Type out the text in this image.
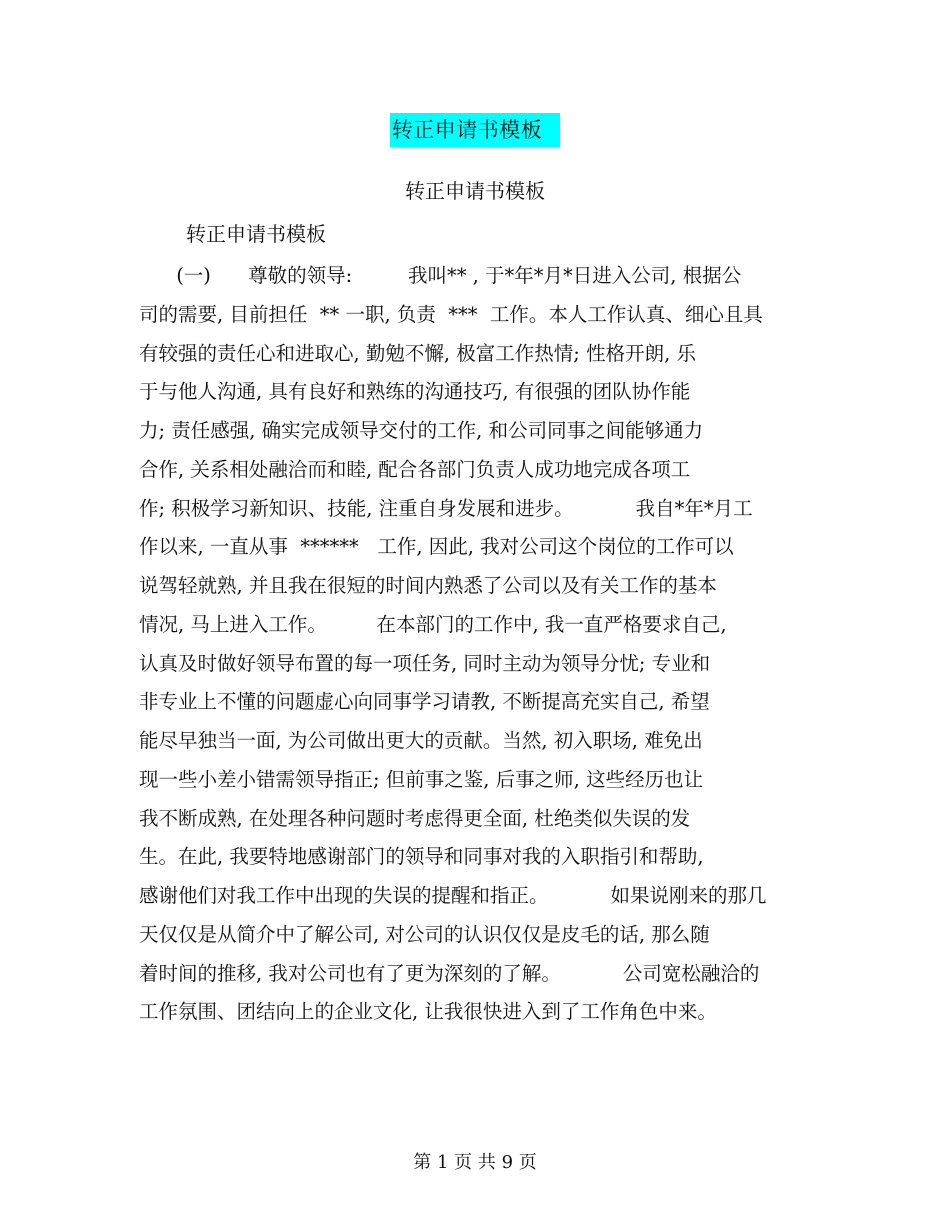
转正申请书模板
转正申请书模板
转正申请书模板
(一)      尊敬的领导:         我叫** , 于*年*月*日进入公司, 根据公
司的需要, 目前担任  ** 一职, 负责  ***  工作。本人工作认真、细心且具
有较强的责任心和进取心, 勤勉不懈, 极富工作热情; 性格开朗, 乐
于与他人沟通, 具有良好和熟练的沟通技巧, 有很强的团队协作能
力; 责任感强, 确实完成领导交付的工作, 和公司同事之间能够通力
合作, 关系相处融洽而和睦, 配合各部门负责人成功地完成各项工
作; 积极学习新知识、技能, 注重自身发展和进步。          我自*年*月工
作以来, 一直从事  ******   工作, 因此, 我对公司这个岗位的工作可以
说驾轻就熟, 并且我在很短的时间内熟悉了公司以及有关工作的基本
情况, 马上进入工作。        在本部门的工作中, 我一直严格要求自己,
认真及时做好领导布置的每一项任务, 同时主动为领导分忧; 专业和
非专业上不懂的问题虚心向同事学习请教, 不断提高充实自己, 希望
能尽早独当一面, 为公司做出更大的贡献。当然, 初入职场, 难免出
现一些小差小错需领导指正; 但前事之鉴, 后事之师, 这些经历也让
我不断成熟, 在处理各种问题时考虑得更全面, 杜绝类似失误的发
生。在此, 我要特地感谢部门的领导和同事对我的入职指引和帮助,
感谢他们对我工作中出现的失误的提醒和指正。          如果说刚来的那几
天仅仅是从简介中了解公司, 对公司的认识仅仅是皮毛的话, 那么随
着时间的推移, 我对公司也有了更为深刻的了解。          公司宽松融洽的
工作氛围、团结向上的企业文化, 让我很快进入到了工作角色中来。
第 1 页 共 9 页
